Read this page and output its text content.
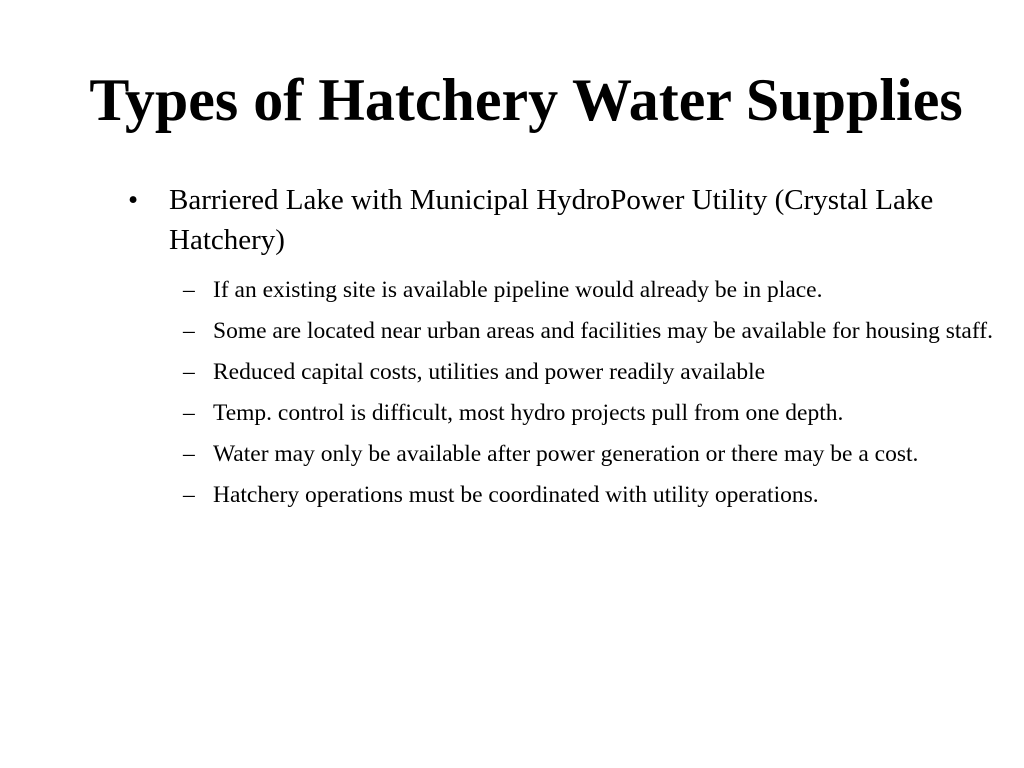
Types of Hatchery Water Supplies
• Barriered Lake with Municipal HydroPower Utility (Crystal Lake Hatchery)
– If an existing site is available pipeline would already be in place.
– Some are located near urban areas and facilities may be available for housing staff.
– Reduced capital costs, utilities and power readily available
– Temp. control is difficult, most hydro projects pull from one depth.
– Water may only be available after power generation or there may be a cost.
– Hatchery operations must be coordinated with utility operations.
